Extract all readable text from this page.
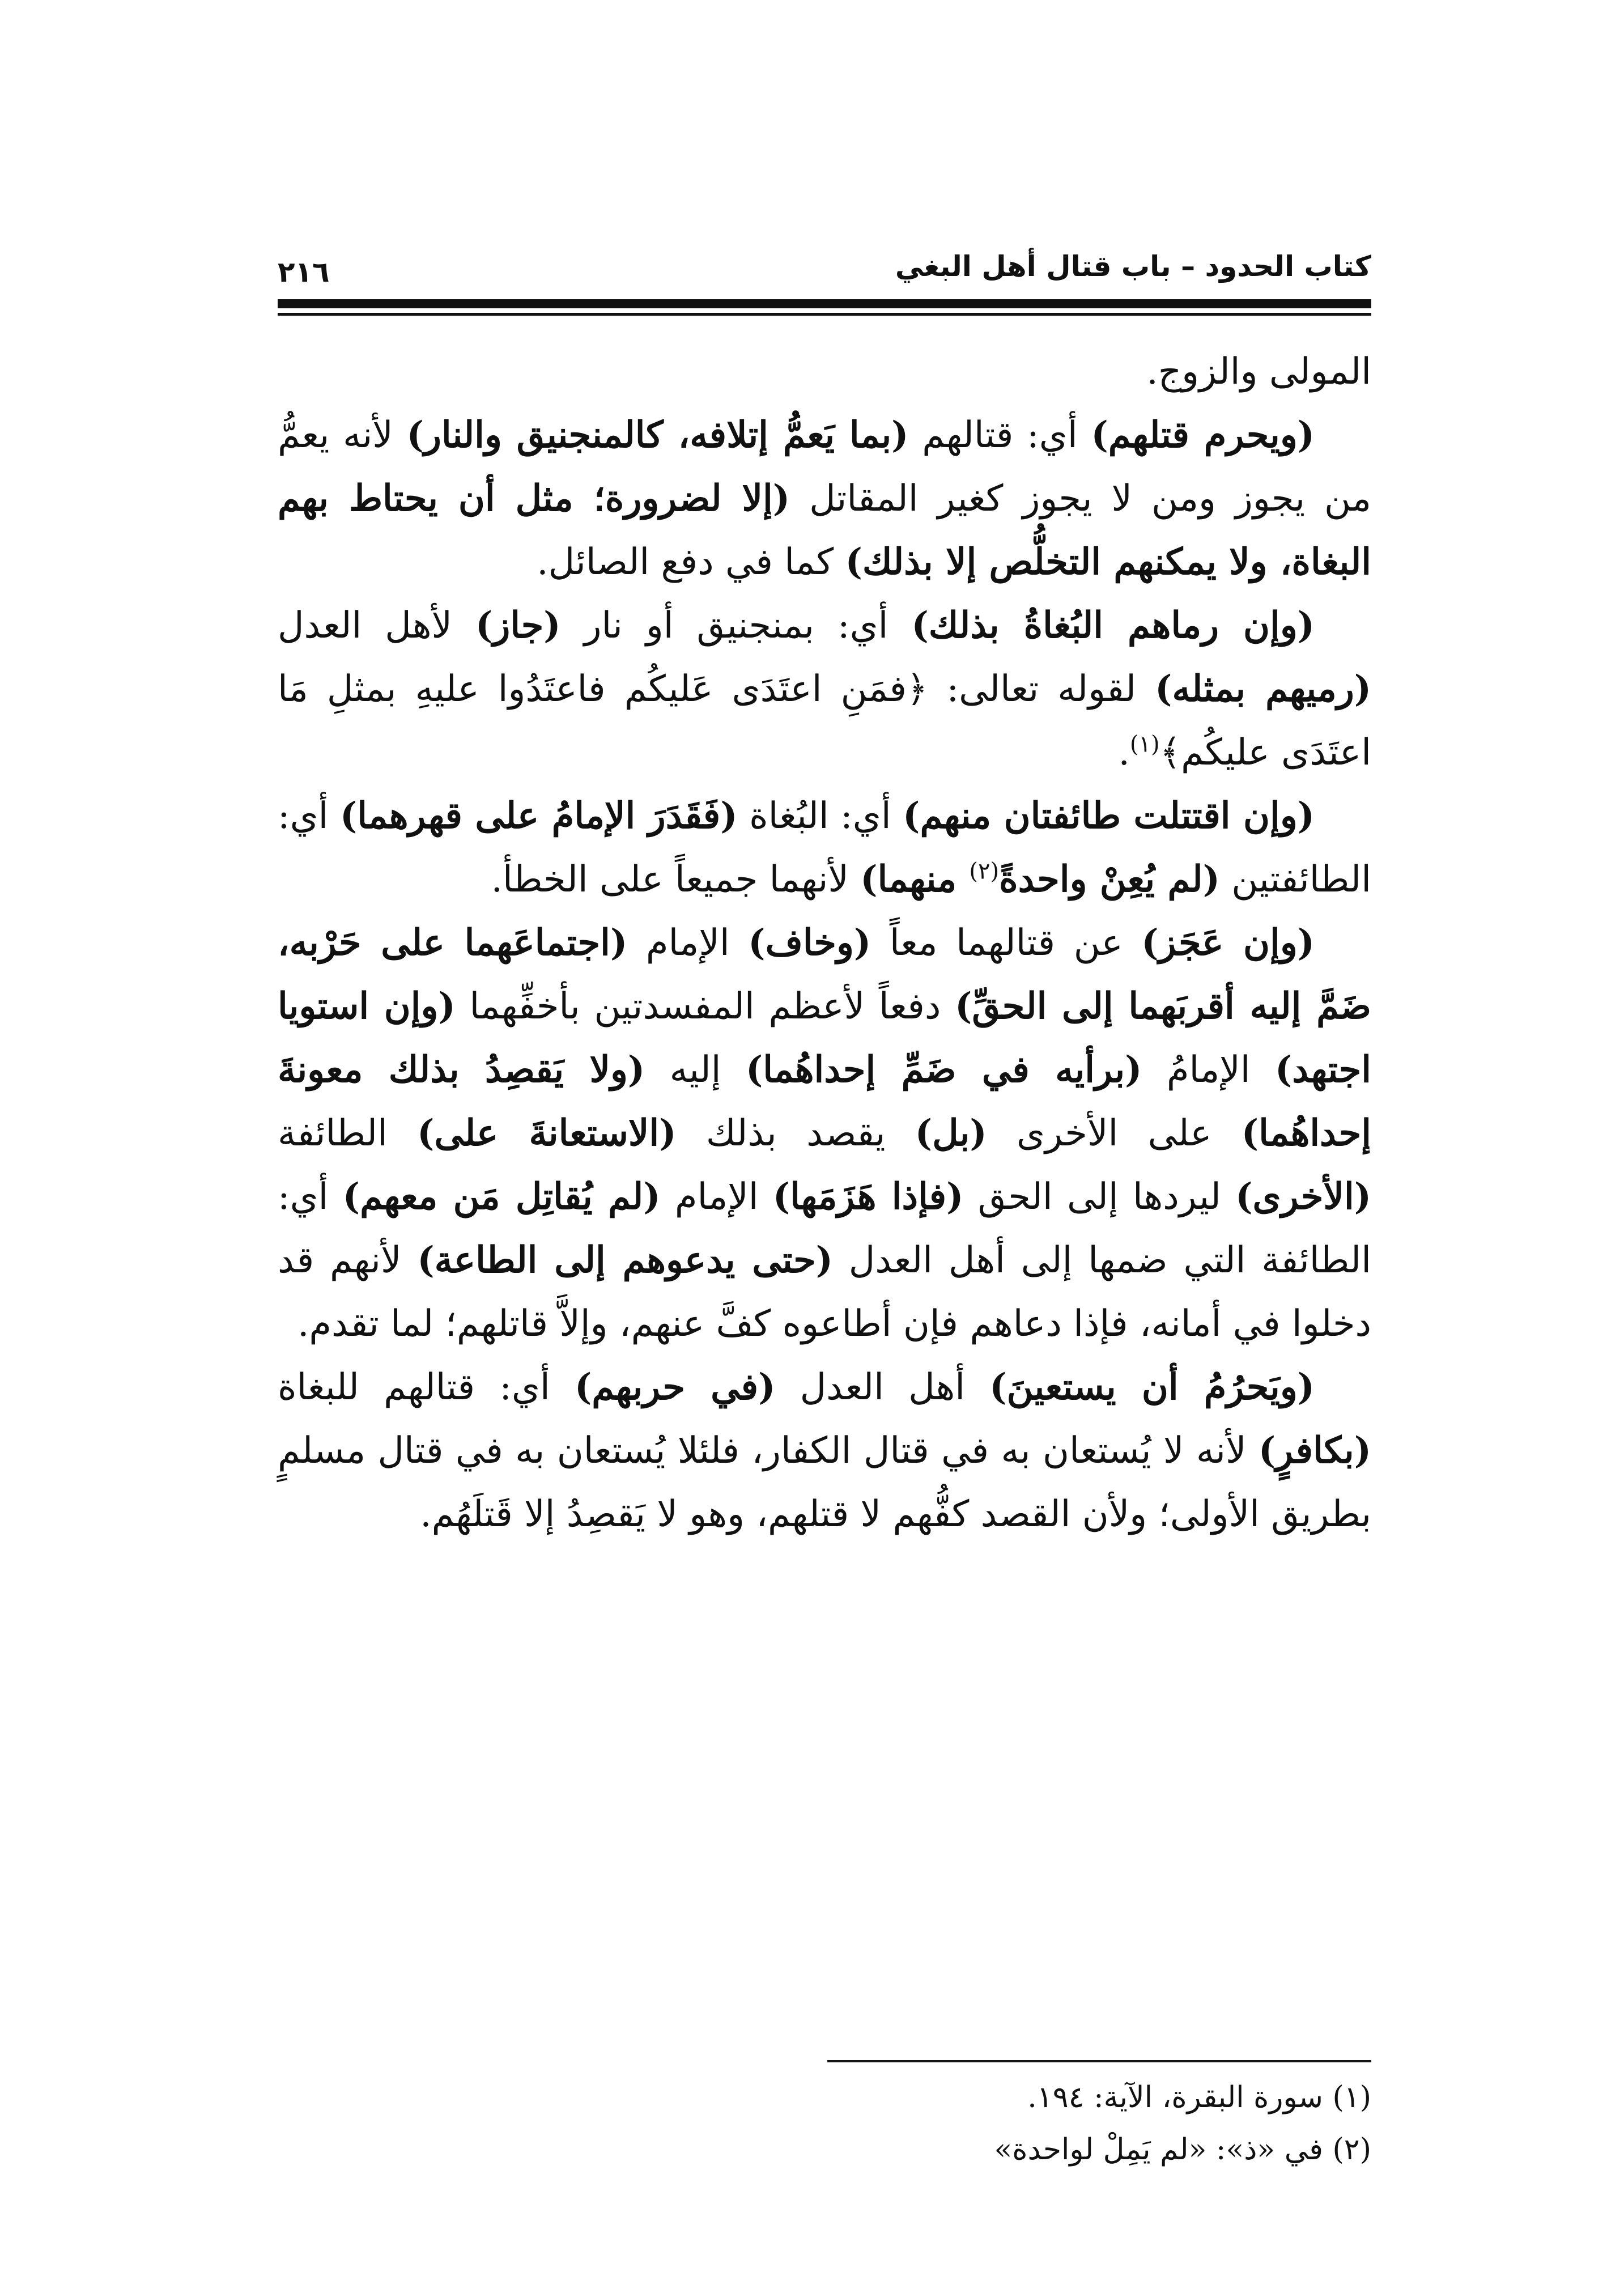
كتاب الحدود – باب قتال أهل البغي
٢١٦

المولى والزوج.

(ويحرم قتلهم) أي: قتالهم (بما يَعمُّ إتلافه، كالمنجنيق والنار) لأنه يعمُّ من يجوز ومن لا يجوز كغير المقاتل (إلا لضرورة؛ مثل أن يحتاط بهم البغاة، ولا يمكنهم التخلُّص إلا بذلك) كما في دفع الصائل.

(وإن رماهم البُغاةُ بذلك) أي: بمنجنيق أو نار (جاز) لأهل العدل (رميهم بمثله) لقوله تعالى: ﴿فمَنِ اعتَدَى عَليكُم فاعتَدُوا عليهِ بمثلِ مَا اعتَدَى عليكُم﴾$^{(١)}$.

(وإن اقتتلت طائفتان منهم) أي: البُغاة (فَقَدَرَ الإمامُ على قهرهما) أي: الطائفتين (لم يُعِنْ واحدةً$^{(٢)}$ منهما) لأنهما جميعاً على الخطأ.

(وإن عَجَز) عن قتالهما معاً (وخاف) الإمام (اجتماعَهما على حَرْبه، ضَمَّ إليه أقربَهما إلى الحقِّ) دفعاً لأعظم المفسدتين بأخفِّهما (وإن استويا اجتهد) الإمامُ (برأيه في ضَمِّ إحداهُما) إليه (ولا يَقصِدُ بذلك معونةَ إحداهُما) على الأخرى (بل) يقصد بذلك (الاستعانةَ على) الطائفة (الأخرى) ليردها إلى الحق (فإذا هَزَمَها) الإمام (لم يُقاتِل مَن معهم) أي: الطائفة التي ضمها إلى أهل العدل (حتى يدعوهم إلى الطاعة) لأنهم قد دخلوا في أمانه، فإذا دعاهم فإن أطاعوه كفَّ عنهم، وإلاَّ قاتلهم؛ لما تقدم.

(ويَحرُمُ أن يستعينَ) أهل العدل (في حربهم) أي: قتالهم للبغاة (بكافرٍ) لأنه لا يُستعان به في قتال الكفار، فلئلا يُستعان به في قتال مسلمٍ بطريق الأولى؛ ولأن القصد كفُّهم لا قتلهم، وهو لا يَقصِدُ إلا قَتلَهُم.

(١) سورة البقرة، الآية: ١٩٤.

(٢) في «ذ»: «لم يَمِلْ لواحدة»
